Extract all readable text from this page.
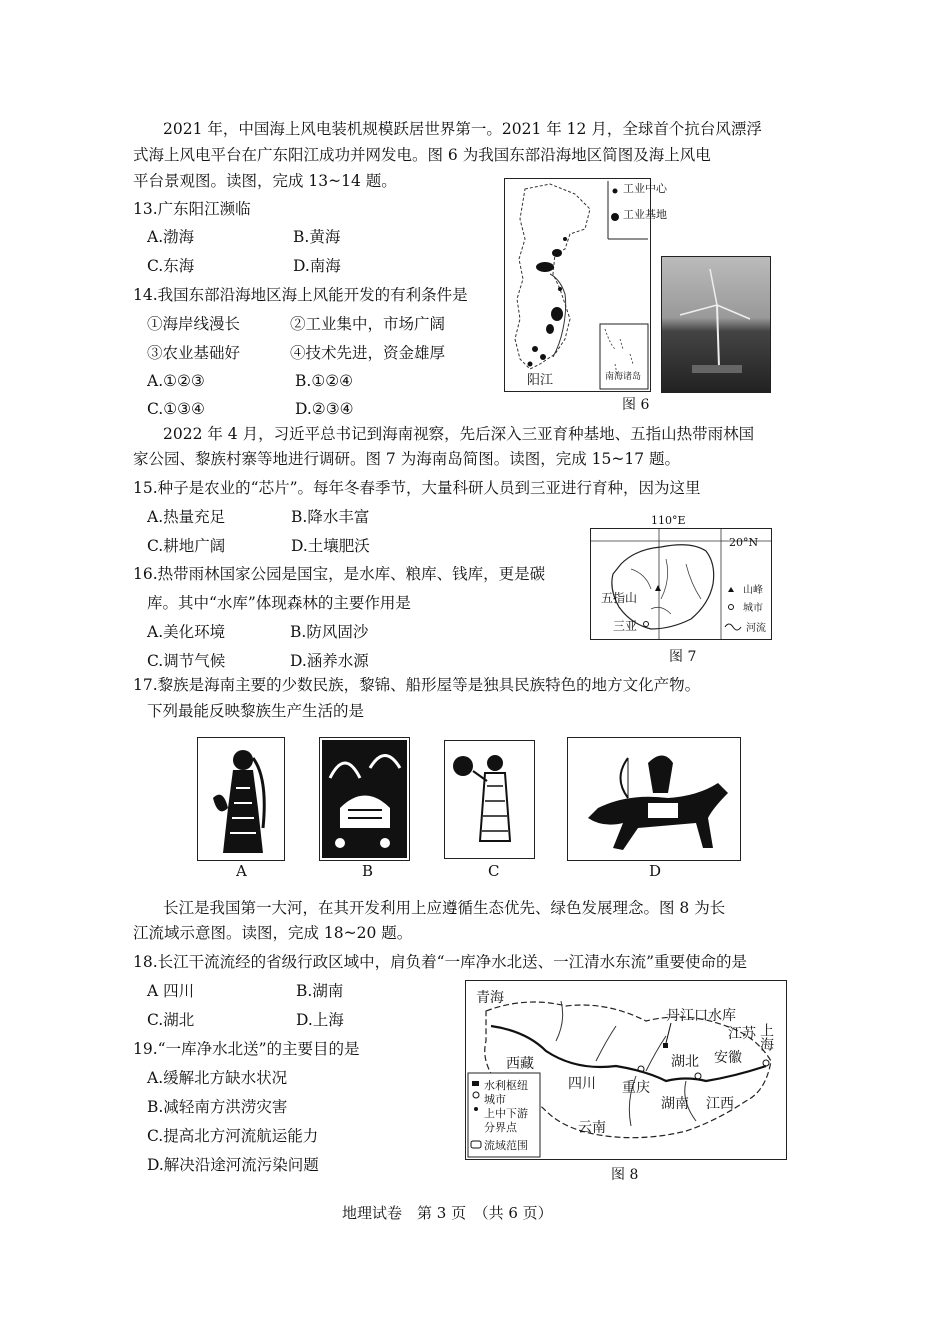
2021 年，中国海上风电装机规模跃居世界第一。2021 年 12 月，全球首个抗台风漂浮
式海上风电平台在广东阳江成功并网发电。图 6 为我国东部沿海地区简图及海上风电
平台景观图。读图，完成 13~14 题。
13.广东阳江濒临
A.渤海	B.黄海
C.东海	D.南海
14.我国东部沿海地区海上风能开发的有利条件是
①海岸线漫长	②工业集中，市场广阔
③农业基础好	④技术先进，资金雄厚
A.①②③	B.①②④
C.①③④	D.②③④
工业中心
工业基地
阳江	南海诸岛
图 6
2022 年 4 月，习近平总书记到海南视察，先后深入三亚育种基地、五指山热带雨林国
家公园、黎族村寨等地进行调研。图 7 为海南岛简图。读图，完成 15~17 题。
15.种子是农业的“芯片”。每年冬春季节，大量科研人员到三亚进行育种，因为这里
A.热量充足	B.降水丰富
C.耕地广阔	D.土壤肥沃
16.热带雨林国家公园是国宝，是水库、粮库、钱库，更是碳
库。其中“水库”体现森林的主要作用是
A.美化环境	B.防风固沙
C.调节气候	D.涵养水源
110°E
五指山
三亚
山峰
城市
河流
20°N
图 7
17.黎族是海南主要的少数民族，黎锦、船形屋等是独具民族特色的地方文化产物。
下列最能反映黎族生产生活的是
A	B	C	D
长江是我国第一大河，在其开发利用上应遵循生态优先、绿色发展理念。图 8 为长
江流域示意图。读图，完成 18~20 题。
18.长江干流流经的省级行政区域中，肩负着“一库净水北送、一江清水东流”重要使命的是
A 四川	B.湖南
C.湖北	D.上海
19.“一库净水北送”的主要目的是
A.缓解北方缺水状况
B.减轻南方洪涝灾害
C.提高北方河流航运能力
D.解决沿途河流污染问题
青海
西藏
四川 重庆
湖北
湖南 江西
安徽
江苏 上海
云南
丹江口水库
水利枢纽
城市
上中下游
分界点
流域范围
图 8
地理试卷　第 3 页　（共 6 页）
